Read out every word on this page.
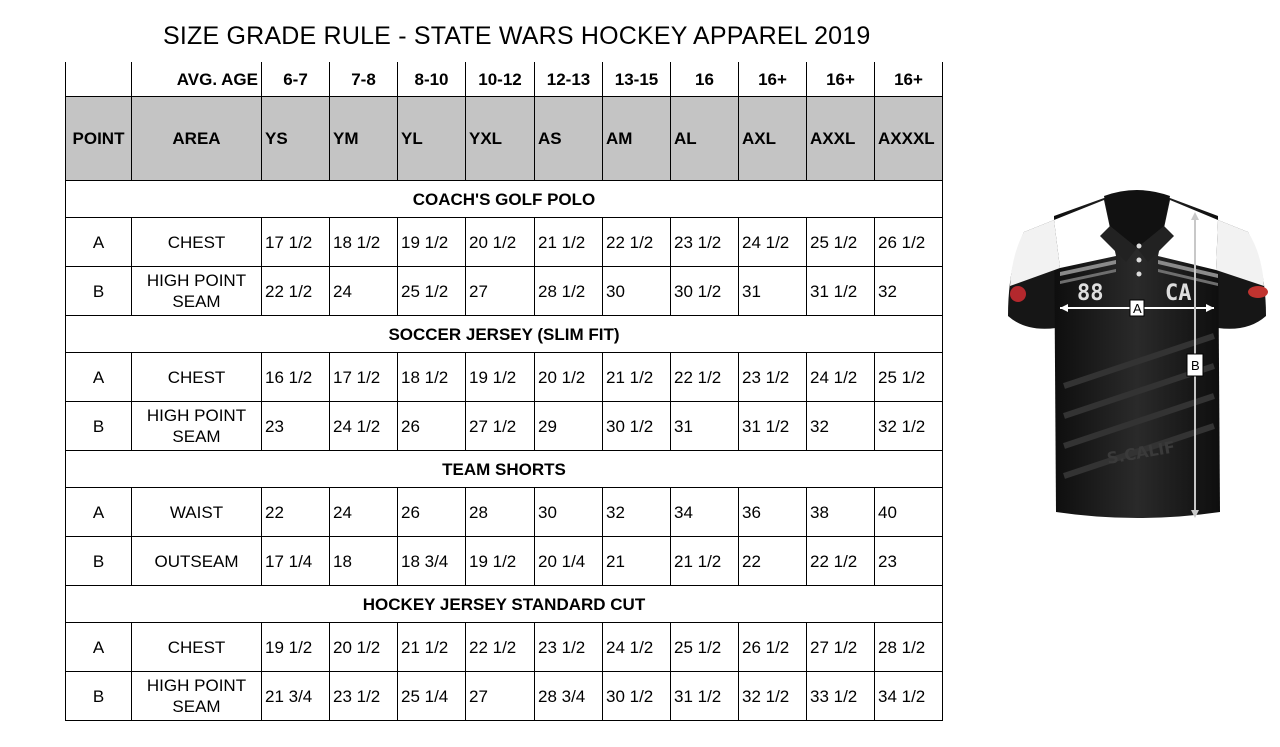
SIZE GRADE RULE - STATE WARS HOCKEY APPAREL 2019
	AVG. AGE	6-7	7-8	8-10	10-12	12-13	13-15	16	16+	16+	16+
POINT	AREA	YS	YM	YL	YXL	AS	AM	AL	AXL	AXXL	AXXXL
COACH'S GOLF POLO											
A	CHEST	17 1/2	18 1/2	19 1/2	20 1/2	21 1/2	22 1/2	23 1/2	24 1/2	25 1/2	26 1/2
B	HIGH POINT SEAM	22 1/2	24	25 1/2	27	28 1/2	30	30 1/2	31	31 1/2	32
SOCCER JERSEY (SLIM FIT)											
A	CHEST	16 1/2	17 1/2	18 1/2	19 1/2	20 1/2	21 1/2	22 1/2	23 1/2	24 1/2	25 1/2
B	HIGH POINT SEAM	23	24 1/2	26	27 1/2	29	30 1/2	31	31 1/2	32	32 1/2
TEAM SHORTS											
A	WAIST	22	24	26	28	30	32	34	36	38	40
B	OUTSEAM	17 1/4	18	18 3/4	19 1/2	20 1/4	21	21 1/2	22	22 1/2	23
HOCKEY JERSEY STANDARD CUT											
A	CHEST	19 1/2	20 1/2	21 1/2	22 1/2	23 1/2	24 1/2	25 1/2	26 1/2	27 1/2	28 1/2
B	HIGH POINT SEAM	21 3/4	23 1/2	25 1/4	27	28 3/4	30 1/2	31 1/2	32 1/2	33 1/2	34 1/2
88	CA
S.CALIF
A
B
